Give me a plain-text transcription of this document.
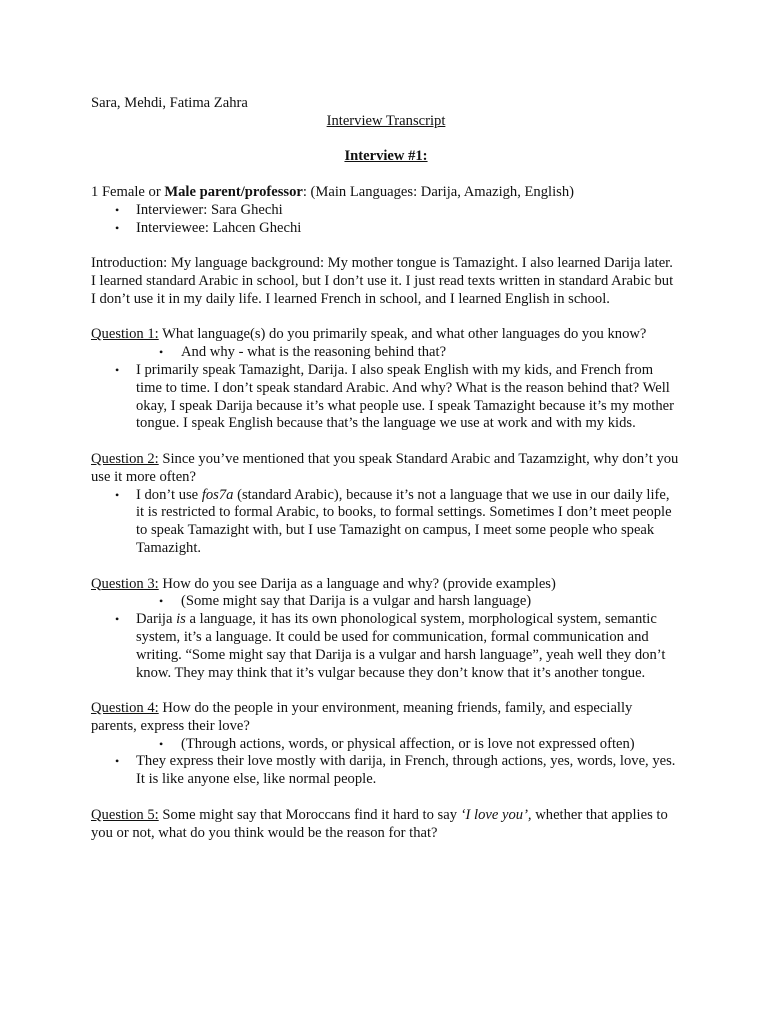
Sara, Mehdi, Fatima Zahra

Interview Transcript

Interview #1:

1 Female or Male parent/professor: (Main Languages: Darija, Amazigh, English)

• Interviewer: Sara Ghechi
• Interviewee: Lahcen Ghechi

Introduction: My language background: My mother tongue is Tamazight. I also learned Darija later. I learned standard Arabic in school, but I don’t use it. I just read texts written in standard Arabic but I don’t use it in my daily life. I learned French in school, and I learned English in school.

Question 1: What language(s) do you primarily speak, and what other languages do you know?

• And why - what is the reasoning behind that?
• I primarily speak Tamazight, Darija. I also speak English with my kids, and French from time to time. I don’t speak standard Arabic. And why? What is the reason behind that? Well okay, I speak Darija because it’s what people use. I speak Tamazight because it’s my mother tongue. I speak English because that’s the language we use at work and with my kids.

Question 2: Since you’ve mentioned that you speak Standard Arabic and Tazamzight, why don’t you use it more often?

• I don’t use fos7a (standard Arabic), because it’s not a language that we use in our daily life, it is restricted to formal Arabic, to books, to formal settings. Sometimes I don’t meet people to speak Tamazight with, but I use Tamazight on campus, I meet some people who speak Tamazight.

Question 3: How do you see Darija as a language and why? (provide examples)

• (Some might say that Darija is a vulgar and harsh language)
• Darija is a language, it has its own phonological system, morphological system, semantic system, it’s a language. It could be used for communication, formal communication and writing. “Some might say that Darija is a vulgar and harsh language”, yeah well they don’t know. They may think that it’s vulgar because they don’t know that it’s another tongue.

Question 4: How do the people in your environment, meaning friends, family, and especially parents, express their love?

• (Through actions, words, or physical affection, or is love not expressed often)
• They express their love mostly with darija, in French, through actions, yes, words, love, yes. It is like anyone else, like normal people.

Question 5: Some might say that Moroccans find it hard to say ‘I love you’, whether that applies to you or not, what do you think would be the reason for that?
